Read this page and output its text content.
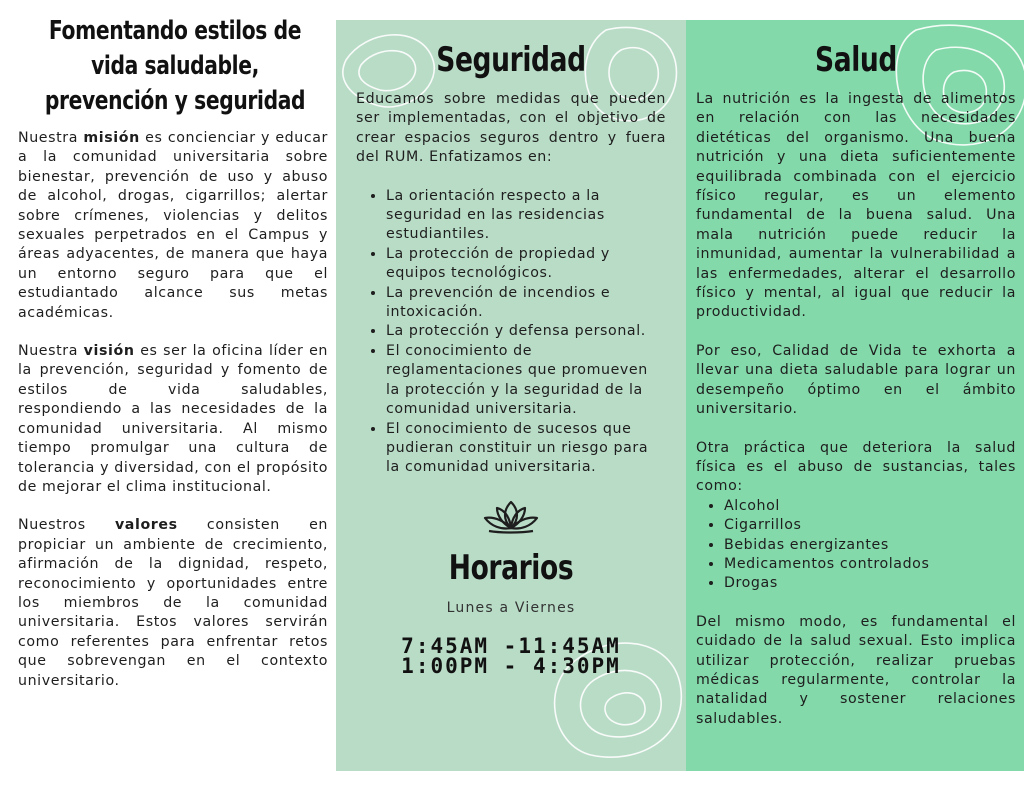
Fomentando estilos de vida saludable, prevención y seguridad

Nuestra misión es concienciar y educar a la comunidad universitaria sobre bienestar, prevención de uso y abuso de alcohol, drogas, cigarrillos; alertar sobre crímenes, violencias y delitos sexuales perpetrados en el Campus y áreas adyacentes, de manera que haya un entorno seguro para que el estudiantado alcance sus metas académicas.

Nuestra visión es ser la oficina líder en la prevención, seguridad y fomento de estilos de vida saludables, respondiendo a las necesidades de la comunidad universitaria. Al mismo tiempo promulgar una cultura de tolerancia y diversidad, con el propósito de mejorar el clima institucional.

Nuestros valores consisten en propiciar un ambiente de crecimiento, afirmación de la dignidad, respeto, reconocimiento y oportunidades entre los miembros de la comunidad universitaria. Estos valores servirán como referentes para enfrentar retos que sobrevengan en el contexto universitario.

Seguridad

Educamos sobre medidas que pueden ser implementadas, con el objetivo de crear espacios seguros dentro y fuera del RUM. Enfatizamos en:

• La orientación respecto a la seguridad en las residencias estudiantiles.
• La protección de propiedad y equipos tecnológicos.
• La prevención de incendios e intoxicación.
• La protección y defensa personal.
• El conocimiento de reglamentaciones que promueven la protección y la seguridad de la comunidad universitaria.
• El conocimiento de sucesos que pudieran constituir un riesgo para la comunidad universitaria.
Horarios
Lunes a Viernes
7:45AM -11:45AM
1:00PM - 4:30PM
Salud

La nutrición es la ingesta de alimentos en relación con las necesidades dietéticas del organismo. Una buena nutrición y una dieta suficientemente equilibrada combinada con el ejercicio físico regular, es un elemento fundamental de la buena salud. Una mala nutrición puede reducir la inmunidad, aumentar la vulnerabilidad a las enfermedades, alterar el desarrollo físico y mental, al igual que reducir la productividad.

Por eso, Calidad de Vida te exhorta a llevar una dieta saludable para lograr un desempeño óptimo en el ámbito universitario.

Otra práctica que deteriora la salud física es el abuso de sustancias, tales como:

• Alcohol
• Cigarrillos
• Bebidas energizantes
• Medicamentos controlados
• Drogas

Del mismo modo, es fundamental el cuidado de la salud sexual. Esto implica utilizar protección, realizar pruebas médicas regularmente, controlar la natalidad y sostener relaciones saludables.
